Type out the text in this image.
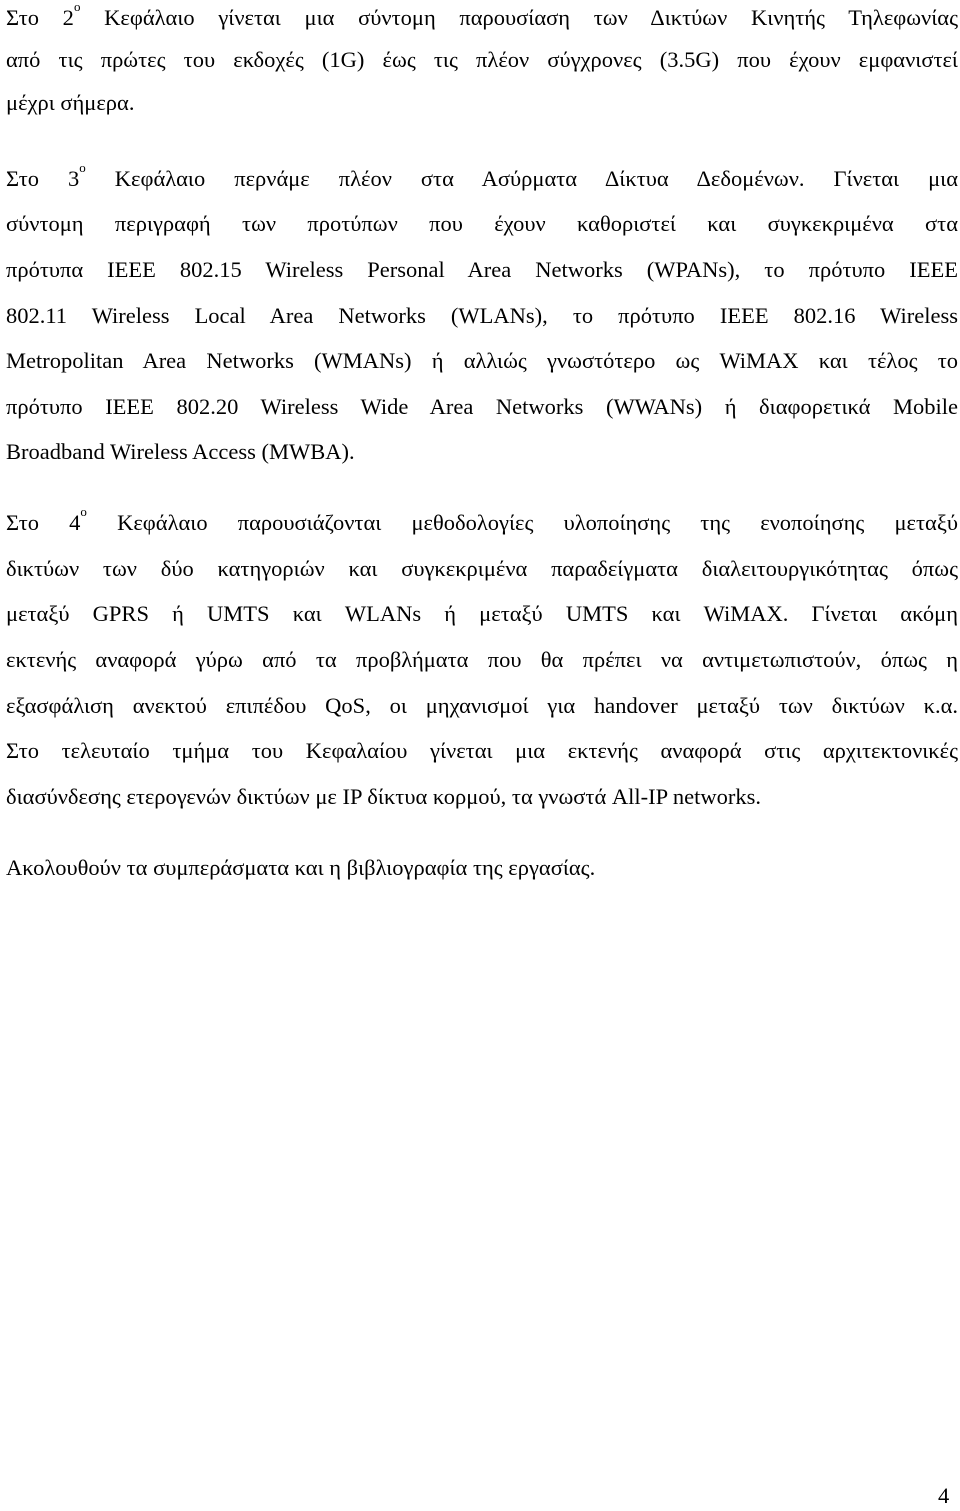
Στο $2^o$ Κεφάλαιο γίνεται μια σύντομη παρουσίαση των Δικτύων Κινητής Τηλεφωνίας
από τις πρώτες του εκδοχές (1G) έως τις πλέον σύγχρονες (3.5G) που έχουν εμφανιστεί
μέχρι σήμερα.
Στο $3^o$ Κεφάλαιο περνάμε πλέον στα Ασύρματα Δίκτυα Δεδομένων. Γίνεται μια
σύντομη περιγραφή των προτύπων που έχουν καθοριστεί και συγκεκριμένα στα
πρότυπα IEEE 802.15 Wireless Personal Area Networks (WPANs), το πρότυπο IEEE
802.11 Wireless Local Area Networks (WLANs), το πρότυπο IEEE 802.16 Wireless
Metropolitan Area Networks (WMANs) ή αλλιώς γνωστότερο ως WiMAX και τέλος το
πρότυπο IEEE 802.20 Wireless Wide Area Networks (WWANs) ή διαφορετικά Mobile
Broadband Wireless Access (MWBA).
Στο $4^o$ Κεφάλαιο παρουσιάζονται μεθοδολογίες υλοποίησης της ενοποίησης μεταξύ
δικτύων των δύο κατηγοριών και συγκεκριμένα παραδείγματα διαλειτουργικότητας όπως
μεταξύ GPRS ή UMTS και WLANs ή μεταξύ UMTS και WiMAX. Γίνεται ακόμη
εκτενής αναφορά γύρω από τα προβλήματα που θα πρέπει να αντιμετωπιστούν, όπως η
εξασφάλιση ανεκτού επιπέδου QoS, οι μηχανισμοί για handover μεταξύ των δικτύων κ.α.
Στο τελευταίο τμήμα του Κεφαλαίου γίνεται μια εκτενής αναφορά στις αρχιτεκτονικές
διασύνδεσης ετερογενών δικτύων με IP δίκτυα κορμού, τα γνωστά All-IP networks.
Ακολουθούν τα συμπεράσματα και η βιβλιογραφία της εργασίας.
4
